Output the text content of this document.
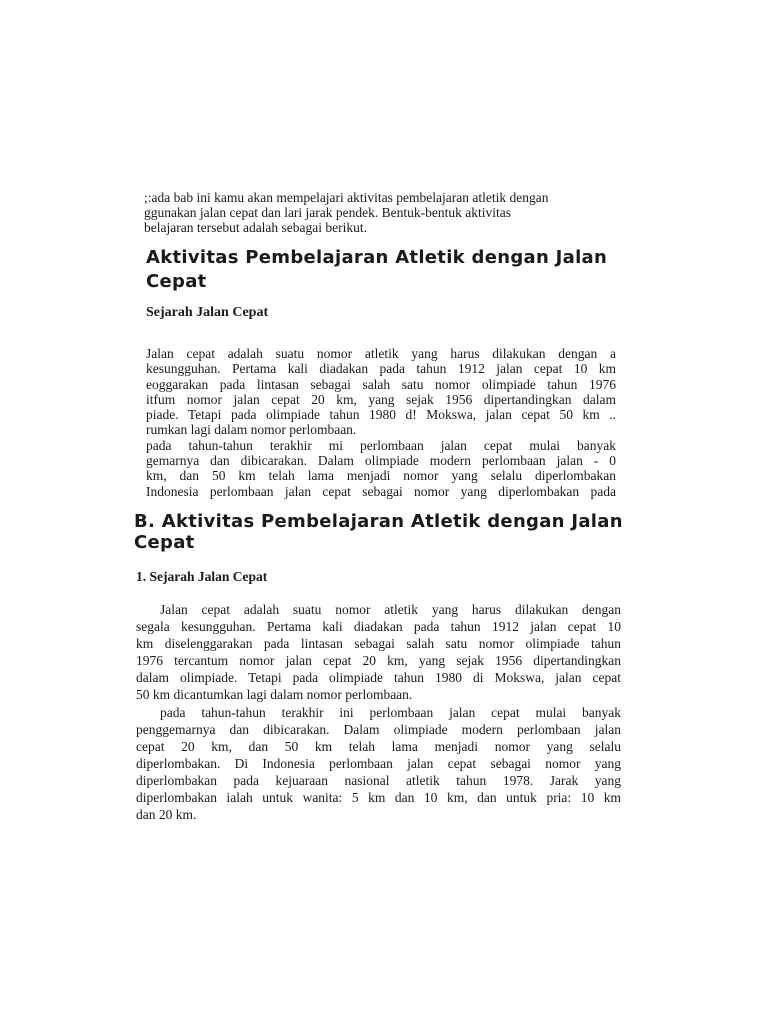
;:ada bab ini kamu akan mempelajari aktivitas pembelajaran atletik dengan
ggunakan jalan cepat dan lari jarak pendek. Bentuk-bentuk aktivitas
belajaran tersebut adalah sebagai berikut.
Aktivitas Pembelajaran Atletik dengan Jalan Cepat
Sejarah Jalan Cepat
Jalan cepat adalah suatu nomor atletik yang harus dilakukan dengan a
kesungguhan. Pertama kali diadakan pada tahun 1912 jalan cepat 10 km
eoggarakan pada lintasan sebagai salah satu nomor olimpiade tahun 1976
itfum nomor jalan cepat 20 km, yang sejak 1956 dipertandingkan dalam
piade. Tetapi pada olimpiade tahun 1980 d! Mokswa, jalan cepat 50 km ..
rumkan lagi dalam nomor perlombaan.
pada tahun-tahun terakhir mi perlombaan jalan cepat mulai banyak
gemarnya dan dibicarakan. Dalam olimpiade modern perlombaan jalan - 0
km, dan 50 km telah lama menjadi nomor yang selalu diperlombakan
Indonesia perlombaan jalan cepat sebagai nomor yang diperlombakan pada
B. Aktivitas Pembelajaran Atletik dengan Jalan Cepat
1. Sejarah Jalan Cepat
Jalan cepat adalah suatu nomor atletik yang harus dilakukan dengan
segala kesungguhan. Pertama kali diadakan pada tahun 1912 jalan cepat 10
km diselenggarakan pada lintasan sebagai salah satu nomor olimpiade tahun
1976 tercantum nomor jalan cepat 20 km, yang sejak 1956 dipertandingkan
dalam olimpiade. Tetapi pada olimpiade tahun 1980 di Mokswa, jalan cepat
50 km dicantumkan lagi dalam nomor perlombaan.
pada tahun-tahun terakhir ini perlombaan jalan cepat mulai banyak
penggemarnya dan dibicarakan. Dalam olimpiade modern perlombaan jalan
cepat 20 km, dan 50 km telah lama menjadi nomor yang selalu
diperlombakan. Di Indonesia perlombaan jalan cepat sebagai nomor yang
diperlombakan pada kejuaraan nasional atletik tahun 1978. Jarak yang
diperlombakan ialah untuk wanita: 5 km dan 10 km, dan untuk pria: 10 km
dan 20 km.
